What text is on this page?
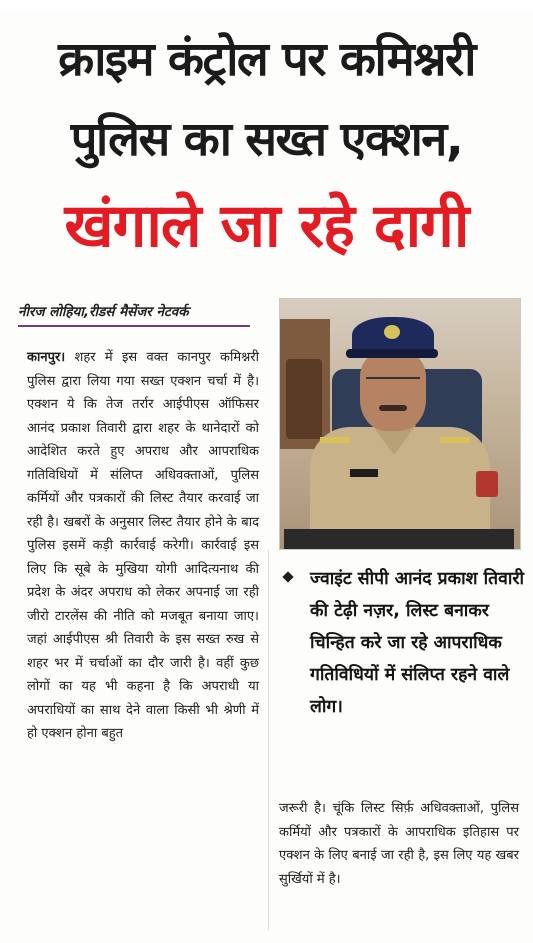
क्राइम कंट्रोल पर कमिश्नरी
पुलिस का सख्त एक्शन,
खंगाले जा रहे दागी
नीरज लोहिया,रीडर्स मैसेंजर नेटवर्क

कानपुर। शहर में इस वक्त कानपुर कमिश्नरी पुलिस द्वारा लिया गया सख्त एक्शन चर्चा में है। एक्शन ये कि तेज तर्रार आईपीएस ऑफिसर आनंद प्रकाश तिवारी द्वारा शहर के थानेदारों को आदेशित करते हुए अपराध और आपराधिक गतिविधियों में संलिप्त अधिवक्ताओं, पुलिस कर्मियों और पत्रकारों की लिस्ट तैयार करवाई जा रही है। खबरों के अनुसार लिस्ट तैयार होने के बाद पुलिस इसमें कड़ी कार्रवाई करेगी। कार्रवाई इस लिए कि सूबे के मुखिया योगी आदित्यनाथ की प्रदेश के अंदर अपराध को लेकर अपनाई जा रही जीरो टारलेंस की नीति को मजबूत बनाया जाए। जहां आईपीएस श्री तिवारी के इस सख्त रुख से शहर भर में चर्चाओं का दौर जारी है। वहीं कुछ लोगों का यह भी कहना है कि अपराधी या अपराधियों का साथ देने वाला किसी भी श्रेणी में हो एक्शन होना बहुत

ज्वाइंट सीपी आनंद प्रकाश तिवारी की टेढ़ी नज़र, लिस्ट बनाकर चिन्हित करे जा रहे आपराधिक गतिविधियों में संलिप्त रहने वाले लोग।

जरूरी है। चूंकि लिस्ट सिर्फ़ अधिवक्ताओं, पुलिस कर्मियों और पत्रकारों के आपराधिक इतिहास पर एक्शन के लिए बनाई जा रही है, इस लिए यह खबर सुर्खियों में है।
